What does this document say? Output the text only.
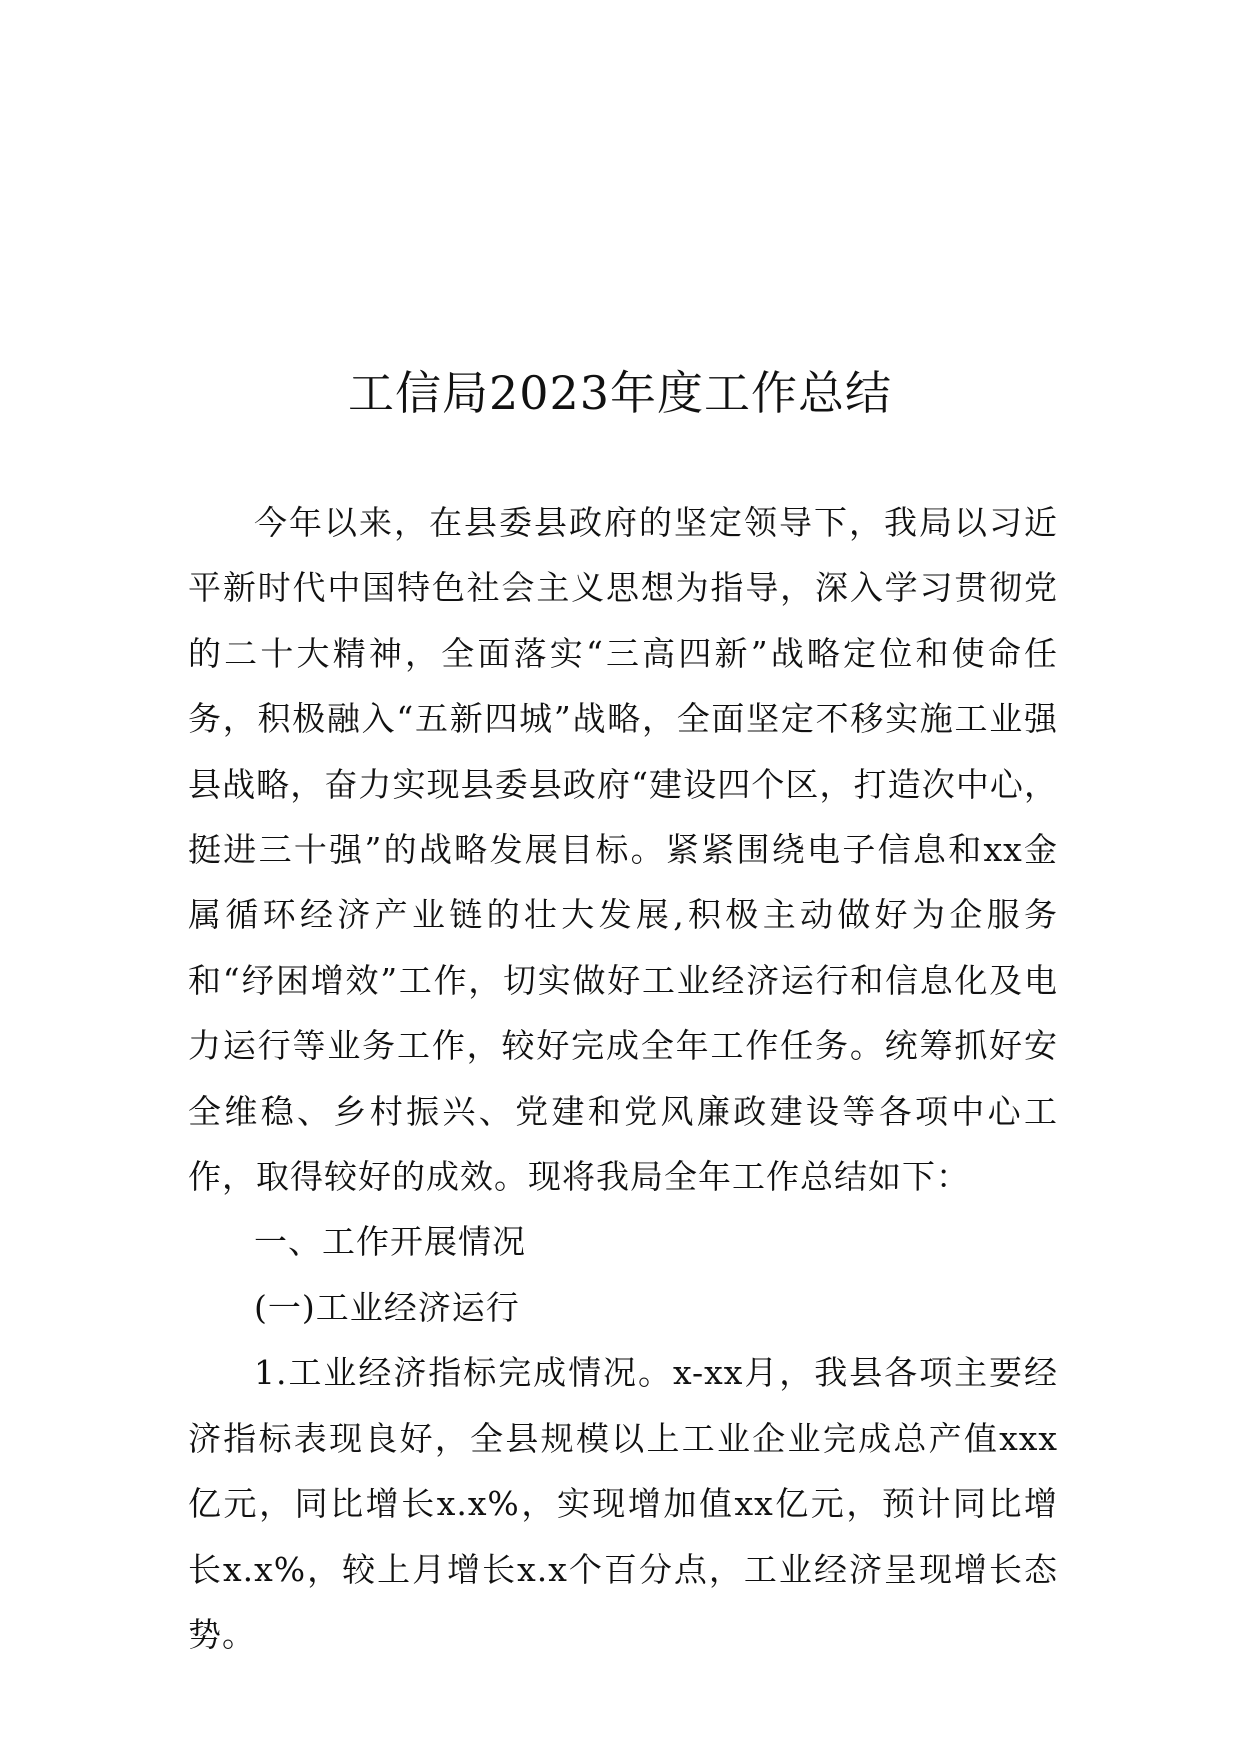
工信局2023年度工作总结

今年以来，在县委县政府的坚定领导下，我局以习近平新时代中国特色社会主义思想为指导，深入学习贯彻党的二十大精神，全面落实“三高四新”战略定位和使命任务，积极融入“五新四城”战略，全面坚定不移实施工业强县战略，奋力实现县委县政府“建设四个区，打造次中心，挺进三十强”的战略发展目标。紧紧围绕电子信息和xx金属循环经济产业链的壮大发展,积极主动做好为企服务和“纾困增效”工作，切实做好工业经济运行和信息化及电力运行等业务工作，较好完成全年工作任务。统筹抓好安全维稳、乡村振兴、党建和党风廉政建设等各项中心工作，取得较好的成效。现将我局全年工作总结如下：

一、工作开展情况

(一)工业经济运行

1.工业经济指标完成情况。x-xx月，我县各项主要经济指标表现良好，全县规模以上工业企业完成总产值xxx亿元，同比增长x.x%，实现增加值xx亿元，预计同比增长x.x%，较上月增长x.x个百分点，工业经济呈现增长态势。
